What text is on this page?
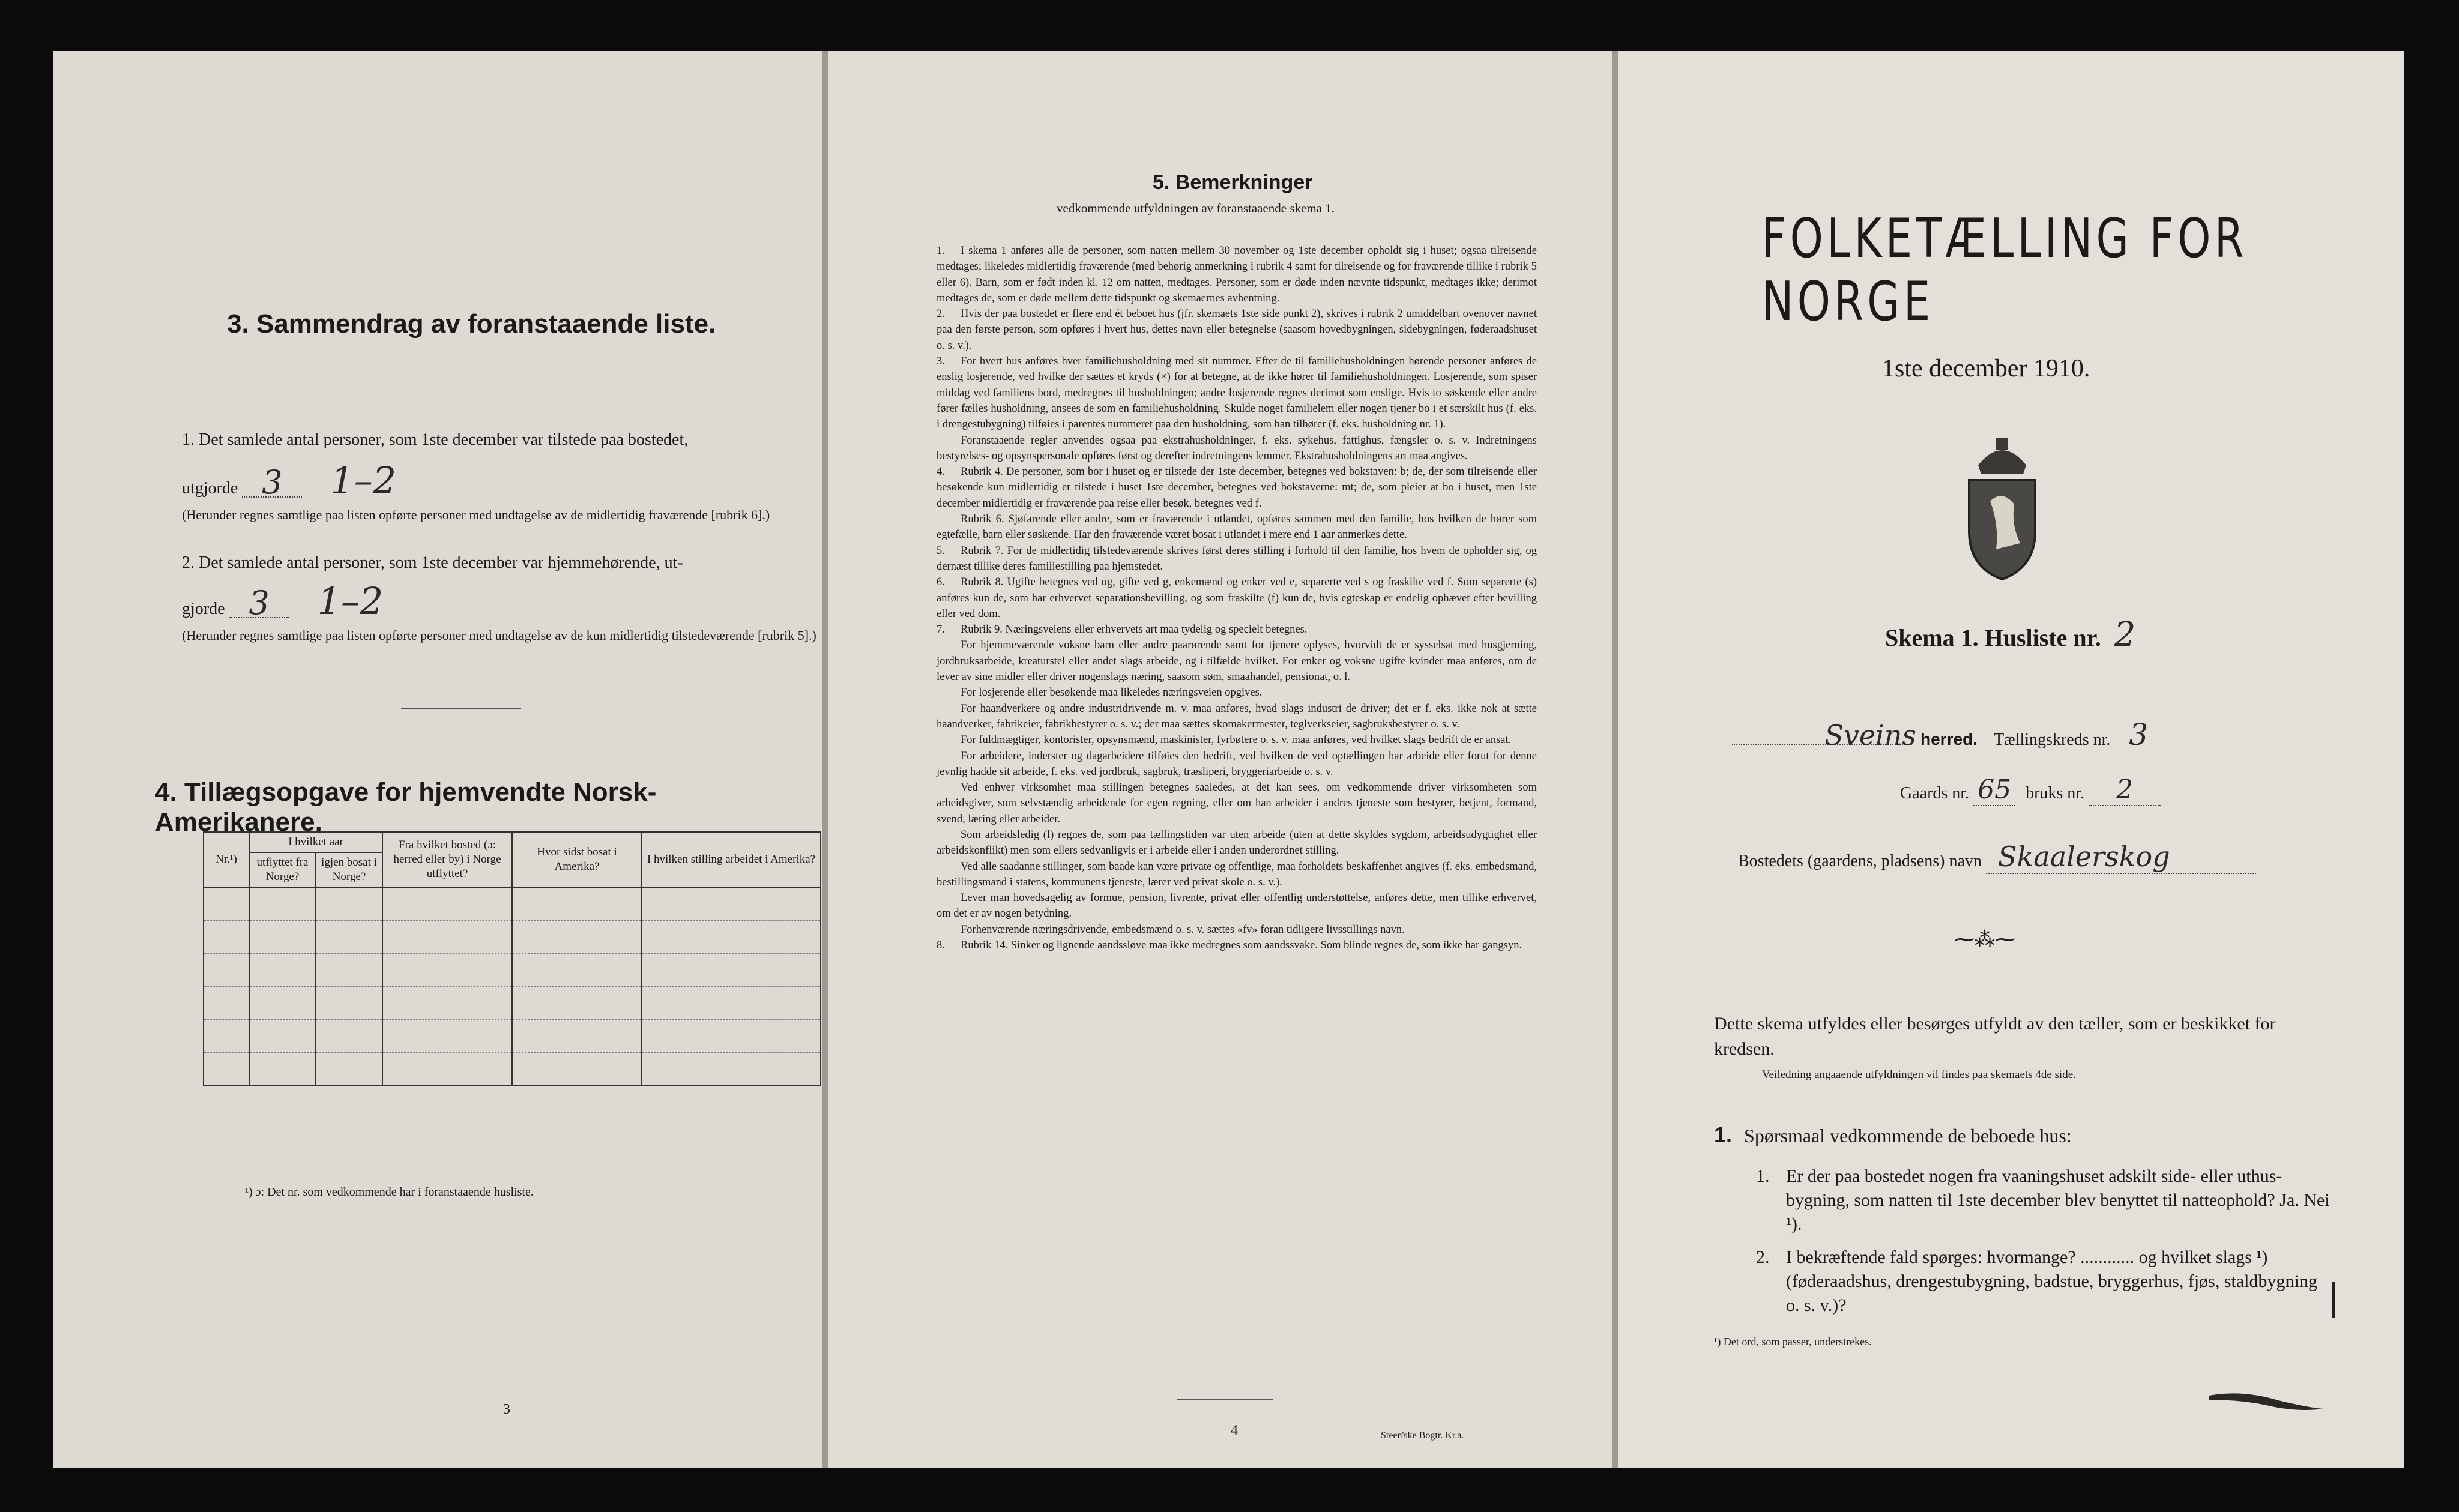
3. Sammendrag av foranstaaende liste.
1. Det samlede antal personer, som 1ste december var tilstede paa bostedet,
utgjorde 3 1–2
(Herunder regnes samtlige paa listen opførte personer med undtagelse av de midlertidig fraværende [rubrik 6].)
2. Det samlede antal personer, som 1ste december var hjemmehørende, ut-
gjorde 3 1–2
(Herunder regnes samtlige paa listen opførte personer med undtagelse av de kun midlertidig tilstedeværende [rubrik 5].)
4. Tillægsopgave for hjemvendte Norsk-Amerikanere.
Nr.¹)	I hvilket aar		Fra hvilket bosted (ɔ: herred eller by) i Norge utflyttet?	Hvor sidst bosat i Amerika?	I hvilken stilling arbeidet i Amerika?
	utflyttet fra Norge?	igjen bosat i Norge?			

¹) ɔ: Det nr. som vedkommende har i foranstaaende husliste.
3
5. Bemerkninger
vedkommende utfyldningen av foranstaaende skema 1.

1. I skema 1 anføres alle de personer, som natten mellem 30 november og 1ste december opholdt sig i huset; ogsaa tilreisende medtages; likeledes midlertidig fraværende (med behørig anmerkning i rubrik 4 samt for tilreisende og for fraværende tillike i rubrik 5 eller 6). Barn, som er født inden kl. 12 om natten, medtages. Personer, som er døde inden nævnte tidspunkt, medtages ikke; derimot medtages de, som er døde mellem dette tidspunkt og skemaernes avhentning.

2. Hvis der paa bostedet er flere end ét beboet hus (jfr. skemaets 1ste side punkt 2), skrives i rubrik 2 umiddelbart ovenover navnet paa den første person, som opføres i hvert hus, dettes navn eller betegnelse (saasom hovedbygningen, sidebygningen, føderaadshuset o. s. v.).

3. For hvert hus anføres hver familiehusholdning med sit nummer. Efter de til familiehusholdningen hørende personer anføres de enslig losjerende, ved hvilke der sættes et kryds (×) for at betegne, at de ikke hører til familiehusholdningen. Losjerende, som spiser middag ved familiens bord, medregnes til husholdningen; andre losjerende regnes derimot som enslige. Hvis to søskende eller andre fører fælles husholdning, ansees de som en familiehusholdning. Skulde noget familielem eller nogen tjener bo i et særskilt hus (f. eks. i drengestubygning) tilføies i parentes nummeret paa den husholdning, som han tilhører (f. eks. husholdning nr. 1).

Foranstaaende regler anvendes ogsaa paa ekstrahusholdninger, f. eks. sykehus, fattighus, fængsler o. s. v. Indretningens bestyrelses- og opsynspersonale opføres først og derefter indretningens lemmer. Ekstrahusholdningens art maa angives.

4. Rubrik 4. De personer, som bor i huset og er tilstede der 1ste december, betegnes ved bokstaven: b; de, der som tilreisende eller besøkende kun midlertidig er tilstede i huset 1ste december, betegnes ved bokstaverne: mt; de, som pleier at bo i huset, men 1ste december midlertidig er fraværende paa reise eller besøk, betegnes ved f.

Rubrik 6. Sjøfarende eller andre, som er fraværende i utlandet, opføres sammen med den familie, hos hvilken de hører som egtefælle, barn eller søskende. Har den fraværende været bosat i utlandet i mere end 1 aar anmerkes dette.

5. Rubrik 7. For de midlertidig tilstedeværende skrives først deres stilling i forhold til den familie, hos hvem de opholder sig, og dernæst tillike deres familiestilling paa hjemstedet.

6. Rubrik 8. Ugifte betegnes ved ug, gifte ved g, enkemænd og enker ved e, separerte ved s og fraskilte ved f. Som separerte (s) anføres kun de, som har erhvervet separationsbevilling, og som fraskilte (f) kun de, hvis egteskap er endelig ophævet efter bevilling eller ved dom.

7. Rubrik 9. Næringsveiens eller erhvervets art maa tydelig og specielt betegnes.

For hjemmeværende voksne barn eller andre paarørende samt for tjenere oplyses, hvorvidt de er sysselsat med husgjerning, jordbruksarbeide, kreaturstel eller andet slags arbeide, og i tilfælde hvilket. For enker og voksne ugifte kvinder maa anføres, om de lever av sine midler eller driver nogenslags næring, saasom søm, smaahandel, pensionat, o. l.

For losjerende eller besøkende maa likeledes næringsveien opgives.

For haandverkere og andre industridrivende m. v. maa anføres, hvad slags industri de driver; det er f. eks. ikke nok at sætte haandverker, fabrikeier, fabrikbestyrer o. s. v.; der maa sættes skomakermester, teglverkseier, sagbruksbestyrer o. s. v.

For fuldmægtiger, kontorister, opsynsmænd, maskinister, fyrbøtere o. s. v. maa anføres, ved hvilket slags bedrift de er ansat.

For arbeidere, inderster og dagarbeidere tilføies den bedrift, ved hvilken de ved optællingen har arbeide eller forut for denne jevnlig hadde sit arbeide, f. eks. ved jordbruk, sagbruk, træsliperi, bryggeriarbeide o. s. v.

Ved enhver virksomhet maa stillingen betegnes saaledes, at det kan sees, om vedkommende driver virksomheten som arbeidsgiver, som selvstændig arbeidende for egen regning, eller om han arbeider i andres tjeneste som bestyrer, betjent, formand, svend, læring eller arbeider.

Som arbeidsledig (l) regnes de, som paa tællingstiden var uten arbeide (uten at dette skyldes sygdom, arbeidsudygtighet eller arbeidskonflikt) men som ellers sedvanligvis er i arbeide eller i anden underordnet stilling.

Ved alle saadanne stillinger, som baade kan være private og offentlige, maa forholdets beskaffenhet angives (f. eks. embedsmand, bestillingsmand i statens, kommunens tjeneste, lærer ved privat skole o. s. v.).

Lever man hovedsagelig av formue, pension, livrente, privat eller offentlig understøttelse, anføres dette, men tillike erhvervet, om det er av nogen betydning.

Forhenværende næringsdrivende, embedsmænd o. s. v. sættes «fv» foran tidligere livsstillings navn.

8. Rubrik 14. Sinker og lignende aandssløve maa ikke medregnes som aandssvake. Som blinde regnes de, som ikke har gangsyn.

4	Steen'ske Bogtr. Kr.a.
FOLKETÆLLING FOR NORGE
1ste december 1910.
Skema 1. Husliste nr. 2
Sveins herred. Tællingskreds nr. 3
Gaards nr. 65 bruks nr. 2
Bostedets (gaardens, pladsens) navn Skaalerskog
⁓⁂⁓
Dette skema utfyldes eller besørges utfyldt av den tæller, som er beskikket for kredsen.
Veiledning angaaende utfyldningen vil findes paa skemaets 4de side.
1. Spørsmaal vedkommende de beboede hus:
1. Er der paa bostedet nogen fra vaaningshuset adskilt side- eller uthus-bygning, som natten til 1ste december blev benyttet til natteophold? Ja. Nei ¹).
2. I bekræftende fald spørges: hvormange? ............ og hvilket slags ¹) (føderaadshus, drengestubygning, badstue, bryggerhus, fjøs, staldbygning o. s. v.)?
¹) Det ord, som passer, understrekes.
